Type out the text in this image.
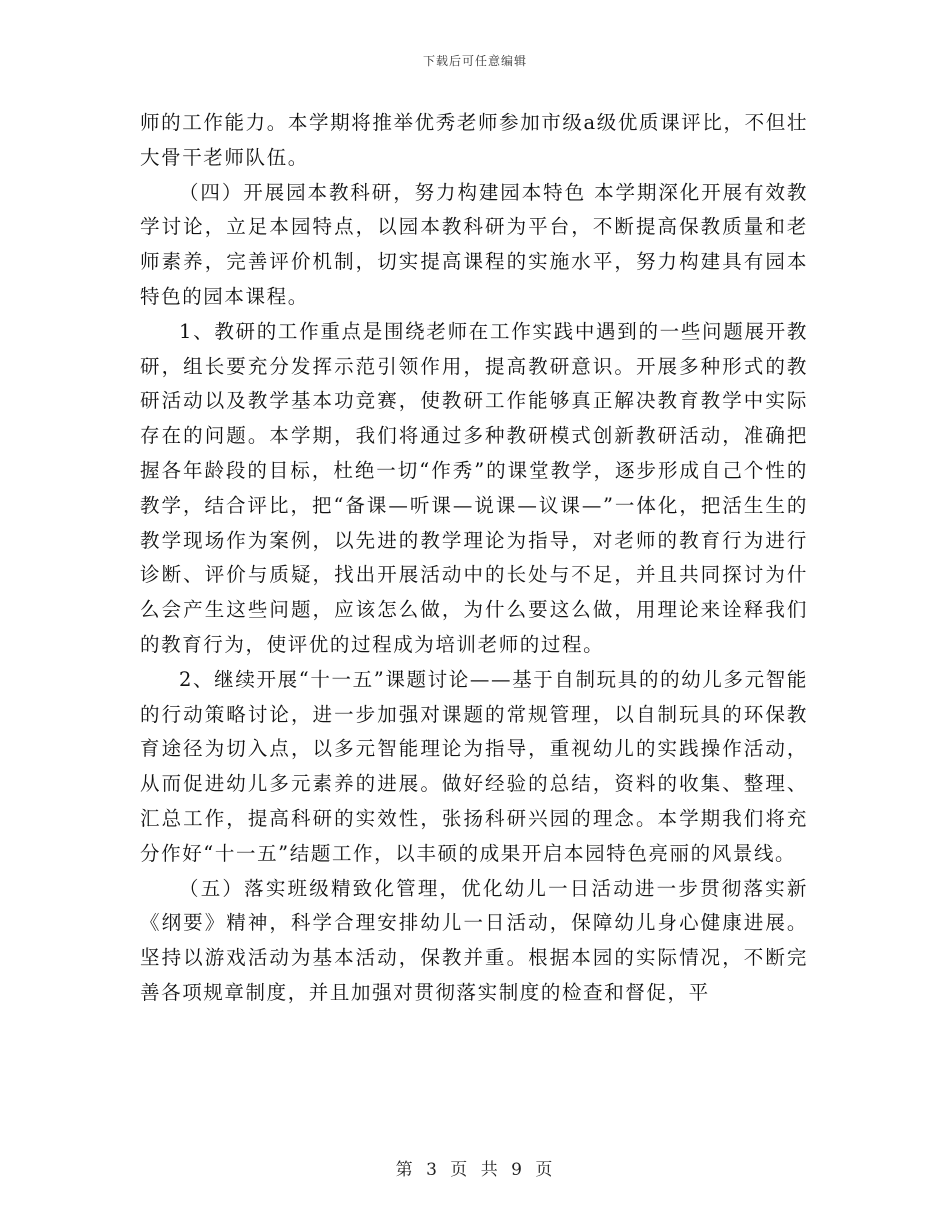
下载后可任意编辑

师的工作能力。本学期将推举优秀老师参加市级a级优质课评比，不但壮大骨干老师队伍。

（四）开展园本教科研，努力构建园本特色 本学期深化开展有效教学讨论，立足本园特点，以园本教科研为平台，不断提高保教质量和老师素养，完善评价机制，切实提高课程的实施水平，努力构建具有园本特色的园本课程。

1、教研的工作重点是围绕老师在工作实践中遇到的一些问题展开教研，组长要充分发挥示范引领作用，提高教研意识。开展多种形式的教研活动以及教学基本功竞赛，使教研工作能够真正解决教育教学中实际存在的问题。本学期，我们将通过多种教研模式创新教研活动，准确把握各年龄段的目标，杜绝一切“作秀”的课堂教学，逐步形成自己个性的教学，结合评比，把“备课—听课—说课—议课—”一体化，把活生生的教学现场作为案例，以先进的教学理论为指导，对老师的教育行为进行诊断、评价与质疑，找出开展活动中的长处与不足，并且共同探讨为什么会产生这些问题，应该怎么做，为什么要这么做，用理论来诠释我们的教育行为，使评优的过程成为培训老师的过程。

2、继续开展“十一五”课题讨论——基于自制玩具的的幼儿多元智能的行动策略讨论，进一步加强对课题的常规管理，以自制玩具的环保教育途径为切入点，以多元智能理论为指导，重视幼儿的实践操作活动，从而促进幼儿多元素养的进展。做好经验的总结，资料的收集、整理、汇总工作，提高科研的实效性，张扬科研兴园的理念。本学期我们将充分作好“十一五”结题工作，以丰硕的成果开启本园特色亮丽的风景线。

（五）落实班级精致化管理，优化幼儿一日活动进一步贯彻落实新《纲要》精神，科学合理安排幼儿一日活动，保障幼儿身心健康进展。坚持以游戏活动为基本活动，保教并重。根据本园的实际情况，不断完善各项规章制度，并且加强对贯彻落实制度的检查和督促，平

第 3 页 共 9 页
